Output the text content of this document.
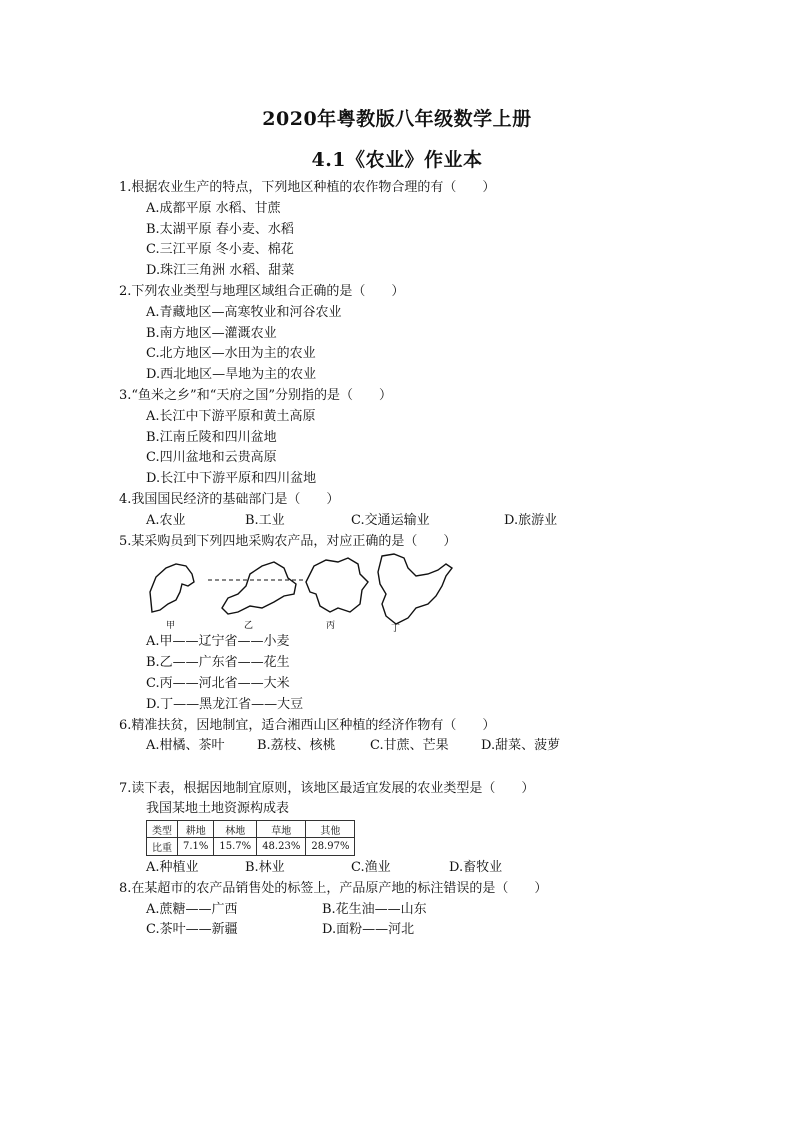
2020年粤教版八年级数学上册
4.1《农业》作业本
1.根据农业生产的特点，下列地区种植的农作物合理的有（　　）
A.成都平原 水稻、甘蔗
B.太湖平原 春小麦、水稻
C.三江平原 冬小麦、棉花
D.珠江三角洲 水稻、甜菜
2.下列农业类型与地理区域组合正确的是（　　）
A.青藏地区—高寒牧业和河谷农业
B.南方地区—灌溉农业
C.北方地区—水田为主的农业
D.西北地区—旱地为主的农业
3.“鱼米之乡”和“天府之国”分别指的是（　　）
A.长江中下游平原和黄土高原
B.江南丘陵和四川盆地
C.四川盆地和云贵高原
D.长江中下游平原和四川盆地
4.我国国民经济的基础部门是（　　）
A.农业	B.工业	C.交通运输业	D.旅游业
5.某采购员到下列四地采购农产品，对应正确的是（　　）
甲	乙	丙	丁
A.甲——辽宁省——小麦
B.乙——广东省——花生
C.丙——河北省——大米
D.丁——黑龙江省——大豆
6.精准扶贫，因地制宜，适合湘西山区种植的经济作物有（　　）
A.柑橘、茶叶 B.荔枝、核桃	C.甘蔗、芒果 D.甜菜、菠萝
7.读下表，根据因地制宜原则，该地区最适宜发展的农业类型是（　　）
我国某地土地资源构成表
类型	耕地	林地	草地	其他
比重	7.1%	15.7%	48.23%	28.97%
A.种植业	B.林业	C.渔业	D.畜牧业
8.在某超市的农产品销售处的标签上，产品原产地的标注错误的是（　　）
A.蔗糖——广西	B.花生油——山东
C.茶叶——新疆	D.面粉——河北
